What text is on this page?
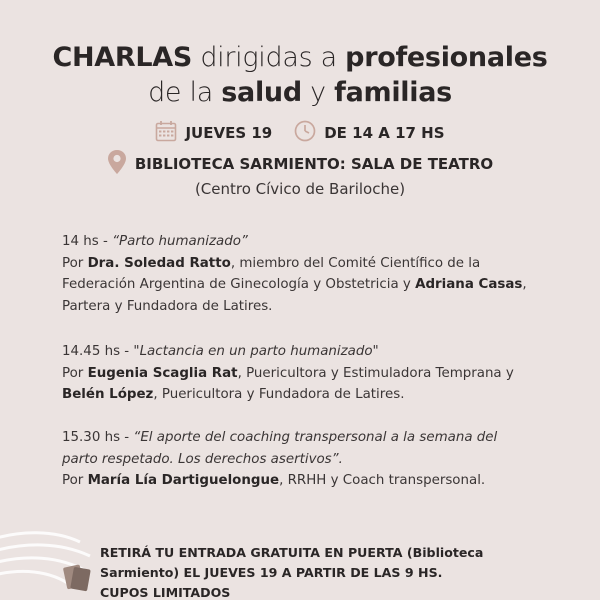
CHARLAS dirigidas a profesionales
de la salud y familias
JUEVES 19	DE 14 A 17 HS
BIBLIOTECA SARMIENTO: SALA DE TEATRO
(Centro Cívico de Bariloche)
14 hs - “Parto humanizado”
Por Dra. Soledad Ratto, miembro del Comité Científico de la
Federación Argentina de Ginecología y Obstetricia y Adriana Casas,
Partera y Fundadora de Latires.
14.45 hs - "Lactancia en un parto humanizado"
Por Eugenia Scaglia Rat, Puericultora y Estimuladora Temprana y
Belén López, Puericultora y Fundadora de Latires.
15.30 hs - “El aporte del coaching transpersonal a la semana del
parto respetado. Los derechos asertivos”.
Por María Lía Dartiguelongue, RRHH y Coach transpersonal.
RETIRÁ TU ENTRADA GRATUITA EN PUERTA (Biblioteca
Sarmiento) EL JUEVES 19 A PARTIR DE LAS 9 HS.
CUPOS LIMITADOS
